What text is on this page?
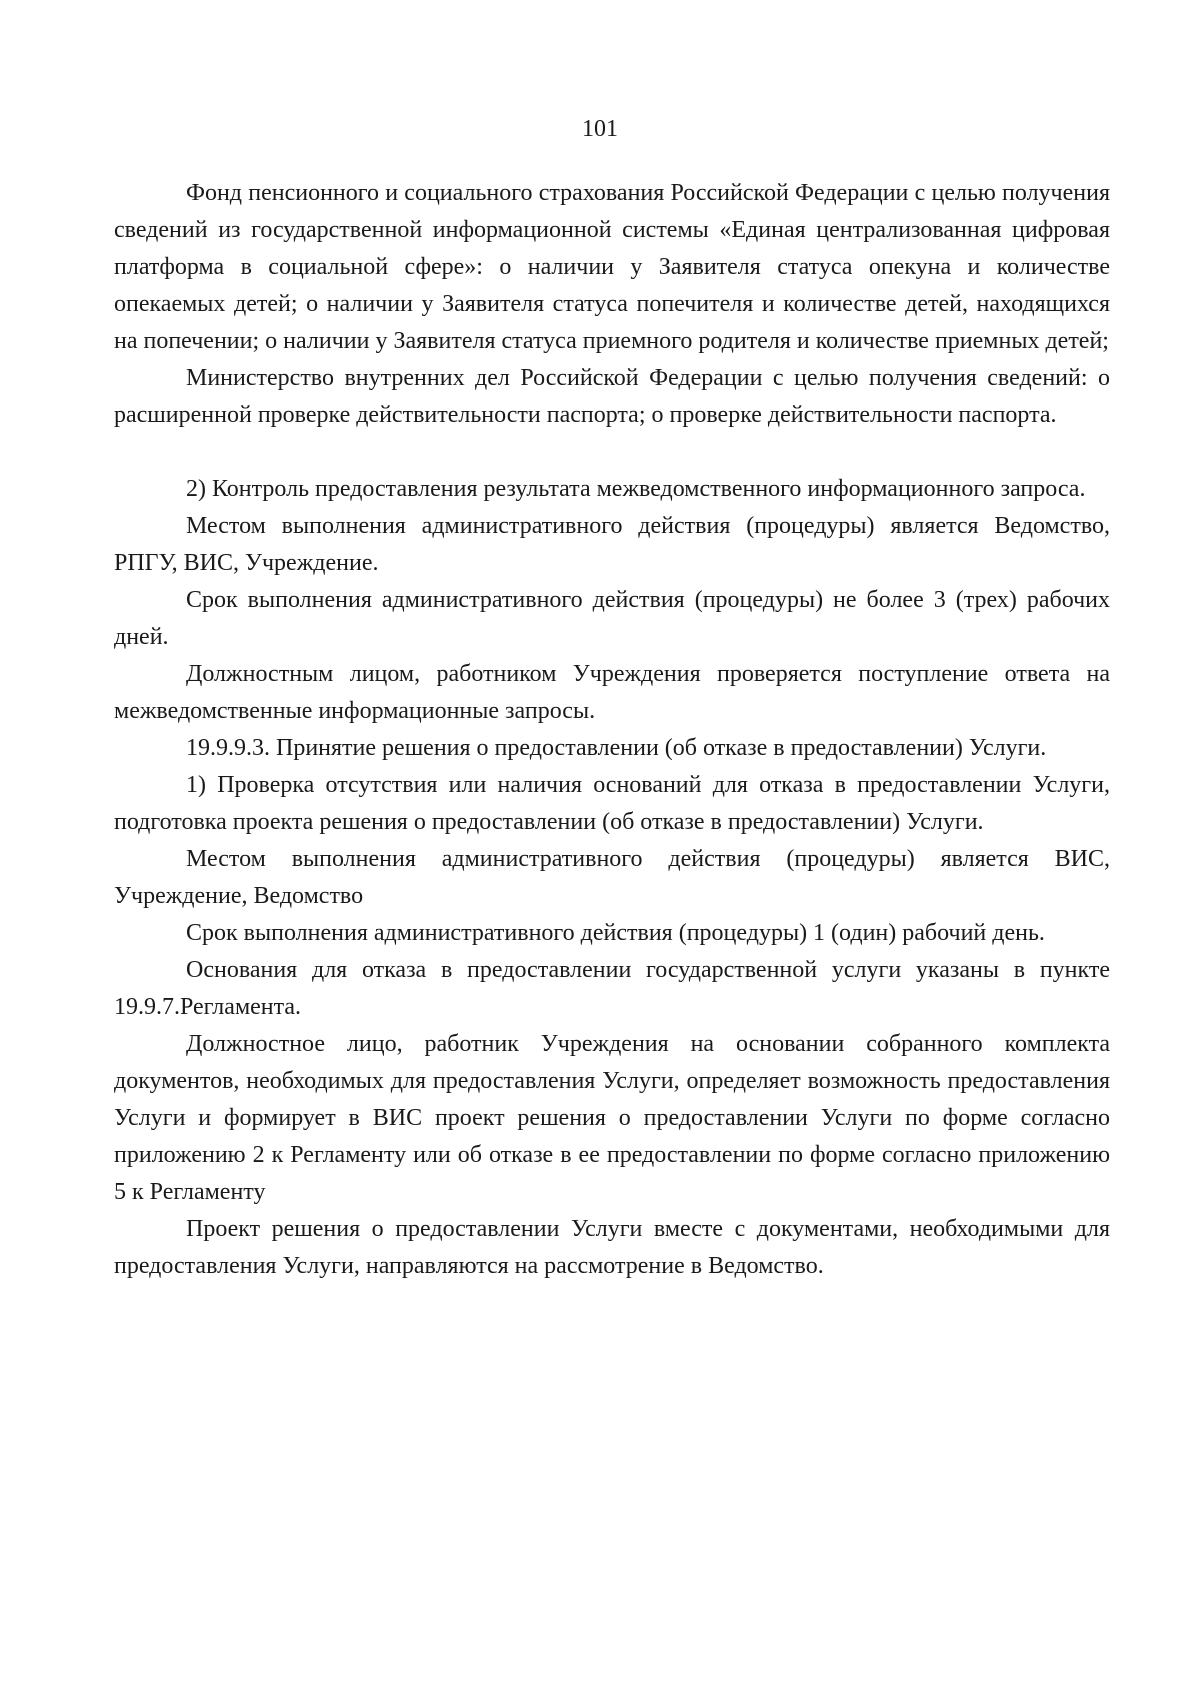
101

Фонд пенсионного и социального страхования Российской Федерации с целью получения сведений из государственной информационной системы «Единая централизованная цифровая платформа в социальной сфере»: о наличии у Заявителя статуса опекуна и количестве опекаемых детей; о наличии у Заявителя статуса попечителя и количестве детей, находящихся на попечении; о наличии у Заявителя статуса приемного родителя и количестве приемных детей;

Министерство внутренних дел Российской Федерации с целью получения сведений: о расширенной проверке действительности паспорта; о проверке действительности паспорта.

2) Контроль предоставления результата межведомственного информационного запроса.

Местом выполнения административного действия (процедуры) является Ведомство, РПГУ, ВИС, Учреждение.

Срок выполнения административного действия (процедуры) не более 3 (трех) рабочих дней.

Должностным лицом, работником Учреждения проверяется поступление ответа на межведомственные информационные запросы.

19.9.9.3. Принятие решения о предоставлении (об отказе в предоставлении) Услуги.

1) Проверка отсутствия или наличия оснований для отказа в предоставлении Услуги, подготовка проекта решения о предоставлении (об отказе в предоставлении) Услуги.

Местом выполнения административного действия (процедуры) является ВИС, Учреждение, Ведомство

Срок выполнения административного действия (процедуры) 1 (один) рабочий день.

Основания для отказа в предоставлении государственной услуги указаны в пункте 19.9.7.Регламента.

Должностное лицо, работник Учреждения на основании собранного комплекта документов, необходимых для предоставления Услуги, определяет возможность предоставления Услуги и формирует в ВИС проект решения о предоставлении Услуги по форме согласно приложению 2 к Регламенту или об отказе в ее предоставлении по форме согласно приложению 5 к Регламенту

Проект решения о предоставлении Услуги вместе с документами, необходимыми для предоставления Услуги, направляются на рассмотрение в Ведомство.
